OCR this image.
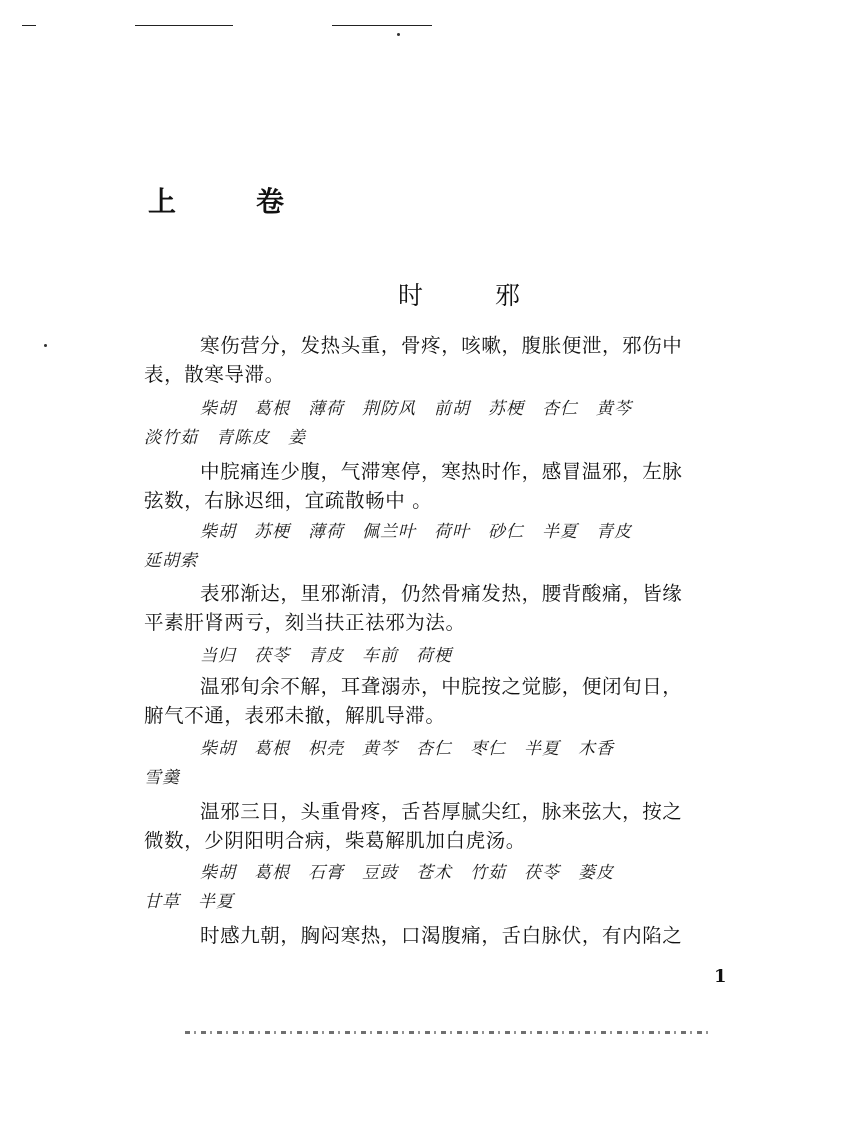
上	卷
时	邪
寒伤营分，发热头重，骨疼，咳嗽，腹胀便泄，邪伤中
表，散寒导滞。
柴胡　葛根　薄荷　荆防风　前胡　苏梗　杏仁　黄芩
淡竹茹　青陈皮　姜
中脘痛连少腹，气滞寒停，寒热时作，感冒温邪，左脉
弦数，右脉迟细，宜疏散畅中 。
柴胡　苏梗　薄荷　佩兰叶　荷叶　砂仁　半夏　青皮
延胡索
表邪渐达，里邪渐清，仍然骨痛发热，腰背酸痛，皆缘
平素肝肾两亏，刻当扶正祛邪为法。
当归　茯苓　青皮　车前　荷梗
温邪旬余不解，耳聋溺赤，中脘按之觉膨，便闭旬日，
腑气不通，表邪未撤，解肌导滞。
柴胡　葛根　枳壳　黄芩　杏仁　枣仁　半夏　木香
雪羹
温邪三日，头重骨疼，舌苔厚腻尖红，脉来弦大，按之
微数，少阴阳明合病，柴葛解肌加白虎汤。
柴胡　葛根　石膏　豆豉　苍术　竹茹　茯苓　蒌皮
甘草　半夏
时感九朝，胸闷寒热，口渴腹痛，舌白脉伏，有内陷之
1
